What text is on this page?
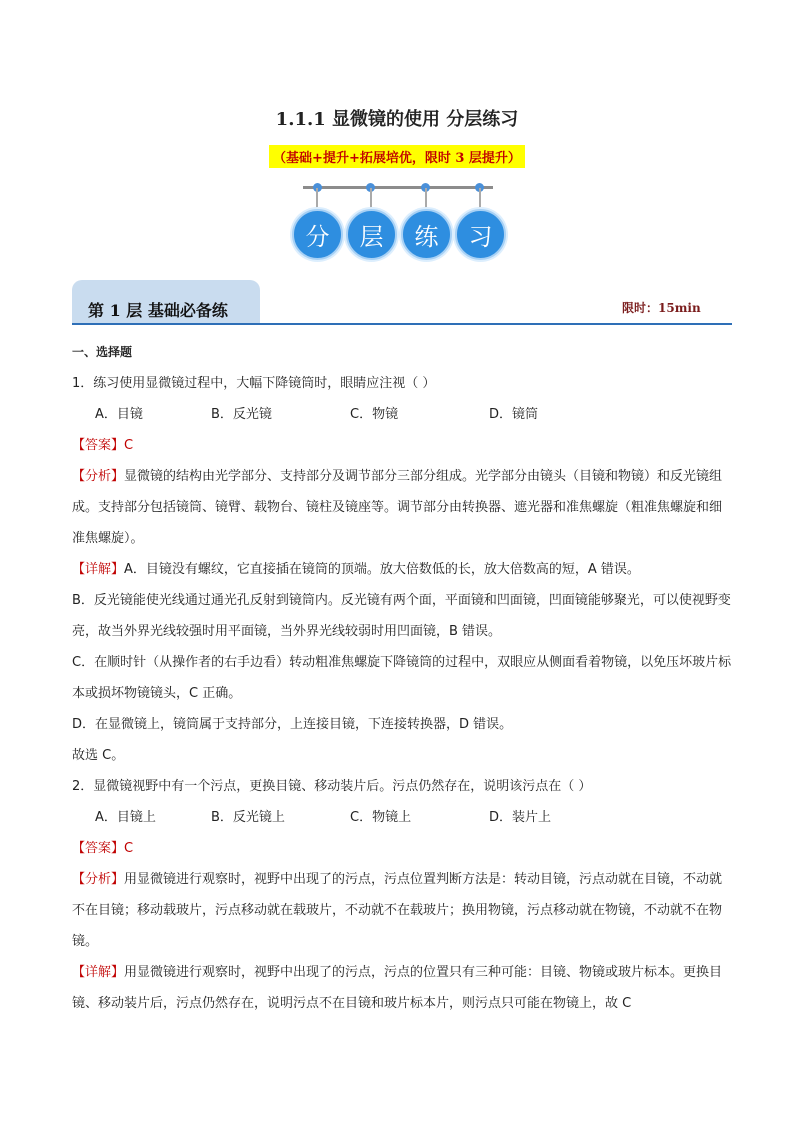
1.1.1 显微镜的使用 分层练习
（基础+提升+拓展培优，限时 3 层提升）
分	层	练	习
第 1 层 基础必备练	限时：15min

一、选择题

1．练习使用显微镜过程中，大幅下降镜筒时，眼睛应注视（ ）

A．目镜	B．反光镜	C．物镜	D．镜筒

【答案】C

【分析】显微镜的结构由光学部分、支持部分及调节部分三部分组成。光学部分由镜头（目镜和物镜）和反光镜组成。支持部分包括镜筒、镜臂、载物台、镜柱及镜座等。调节部分由转换器、遮光器和准焦螺旋（粗准焦螺旋和细准焦螺旋）。

【详解】A．目镜没有螺纹，它直接插在镜筒的顶端。放大倍数低的长，放大倍数高的短，A 错误。

B．反光镜能使光线通过通光孔反射到镜筒内。反光镜有两个面，平面镜和凹面镜，凹面镜能够聚光，可以使视野变亮，故当外界光线较强时用平面镜，当外界光线较弱时用凹面镜，B 错误。

C．在顺时针（从操作者的右手边看）转动粗准焦螺旋下降镜筒的过程中，双眼应从侧面看着物镜，以免压坏玻片标本或损坏物镜镜头，C 正确。

D．在显微镜上，镜筒属于支持部分，上连接目镜，下连接转换器，D 错误。

故选 C。

2．显微镜视野中有一个污点，更换目镜、移动装片后。污点仍然存在，说明该污点在（ ）

A．目镜上	B．反光镜上	C．物镜上	D．装片上

【答案】C

【分析】用显微镜进行观察时，视野中出现了的污点，污点位置判断方法是：转动目镜，污点动就在目镜，不动就不在目镜；移动载玻片，污点移动就在载玻片，不动就不在载玻片；换用物镜，污点移动就在物镜，不动就不在物镜。

【详解】用显微镜进行观察时，视野中出现了的污点，污点的位置只有三种可能：目镜、物镜或玻片标本。更换目镜、移动装片后，污点仍然存在，说明污点不在目镜和玻片标本片，则污点只可能在物镜上，故 C
